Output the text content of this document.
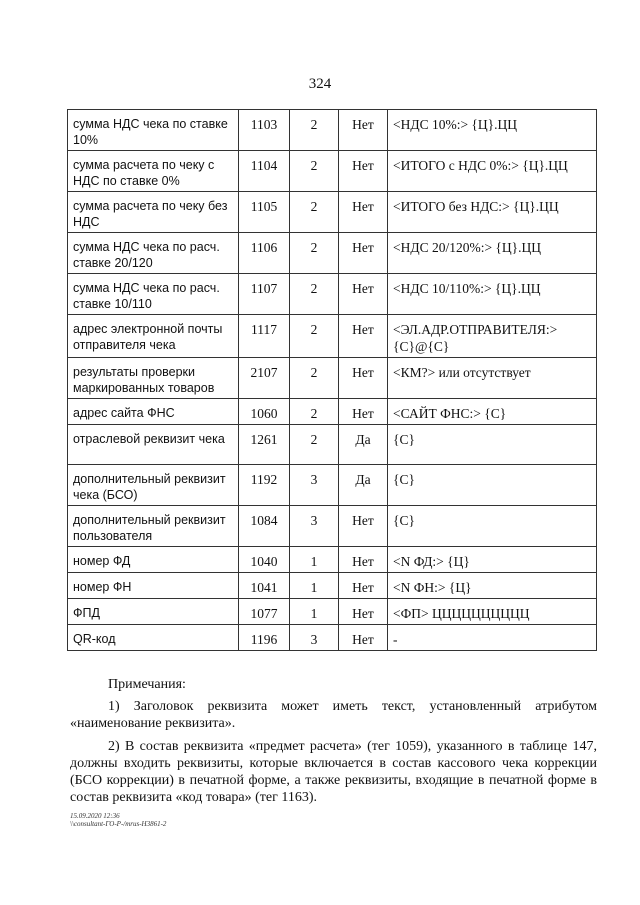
324
сумма НДС чека по ставке 10%	1103	2	Нет	<НДС 10%:> {Ц}.ЦЦ
сумма расчета по чеку с НДС по ставке 0%	1104	2	Нет	<ИТОГО с НДС 0%:> {Ц}.ЦЦ
сумма расчета по чеку без НДС	1105	2	Нет	<ИТОГО без НДС:> {Ц}.ЦЦ
сумма НДС чека по расч. ставке 20/120	1106	2	Нет	<НДС 20/120%:> {Ц}.ЦЦ
сумма НДС чека по расч. ставке 10/110	1107	2	Нет	<НДС 10/110%:> {Ц}.ЦЦ
адрес электронной почты отправителя чека	1117	2	Нет	<ЭЛ.АДР.ОТПРАВИТЕЛЯ:> {С}@{С}
результаты проверки маркированных товаров	2107	2	Нет	<КМ?> или отсутствует
адрес сайта ФНС	1060	2	Нет	<САЙТ ФНС:> {С}
отраслевой реквизит чека	1261	2	Да	{С}
дополнительный реквизит чека (БСО)	1192	3	Да	{С}
дополнительный реквизит пользователя	1084	3	Нет	{С}
номер ФД	1040	1	Нет	<N ФД:> {Ц}
номер ФН	1041	1	Нет	<N ФН:> {Ц}
ФПД	1077	1	Нет	<ФП> ЦЦЦЦЦЦЦЦЦЦ
QR-код	1196	3	Нет	-

Примечания:

1) Заголовок реквизита может иметь текст, установленный атрибутом «наименование реквизита».

2) В состав реквизита «предмет расчета» (тег 1059), указанного в таблице 147, должны входить реквизиты, которые включается в состав кассового чека коррекции (БСО коррекции) в печатной форме, а также реквизиты, входящие в печатной форме в состав реквизита «код товара» (тег 1163).

15.09.2020 12:36
\\consultant-ГО-Р-/mrus-Н3861-2
